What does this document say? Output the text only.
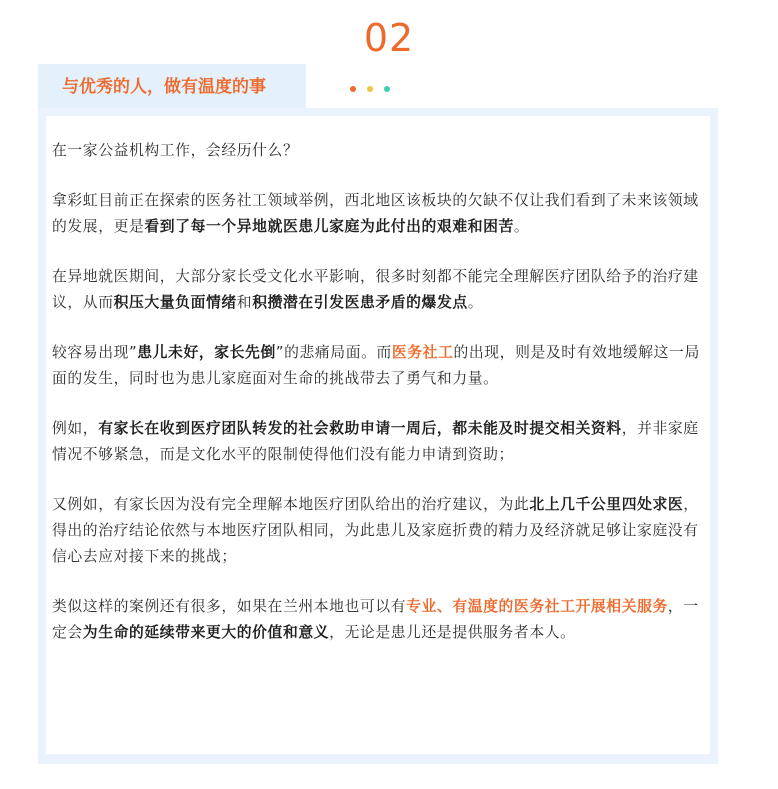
02
与优秀的人，做有温度的事

在一家公益机构工作，会经历什么？

拿彩虹目前正在探索的医务社工领域举例，西北地区该板块的欠缺不仅让我们看到了未来该领域的发展，更是看到了每一个异地就医患儿家庭为此付出的艰难和困苦。

在异地就医期间，大部分家长受文化水平影响，很多时刻都不能完全理解医疗团队给予的治疗建议，从而积压大量负面情绪和积攒潜在引发医患矛盾的爆发点。

较容易出现”患儿未好，家长先倒”的悲痛局面。而医务社工的出现，则是及时有效地缓解这一局面的发生，同时也为患儿家庭面对生命的挑战带去了勇气和力量。

例如，有家长在收到医疗团队转发的社会救助申请一周后，都未能及时提交相关资料，并非家庭情况不够紧急，而是文化水平的限制使得他们没有能力申请到资助；

又例如，有家长因为没有完全理解本地医疗团队给出的治疗建议，为此北上几千公里四处求医，得出的治疗结论依然与本地医疗团队相同，为此患儿及家庭折费的精力及经济就足够让家庭没有信心去应对接下来的挑战；

类似这样的案例还有很多，如果在兰州本地也可以有专业、有温度的医务社工开展相关服务，一定会为生命的延续带来更大的价值和意义，无论是患儿还是提供服务者本人。
